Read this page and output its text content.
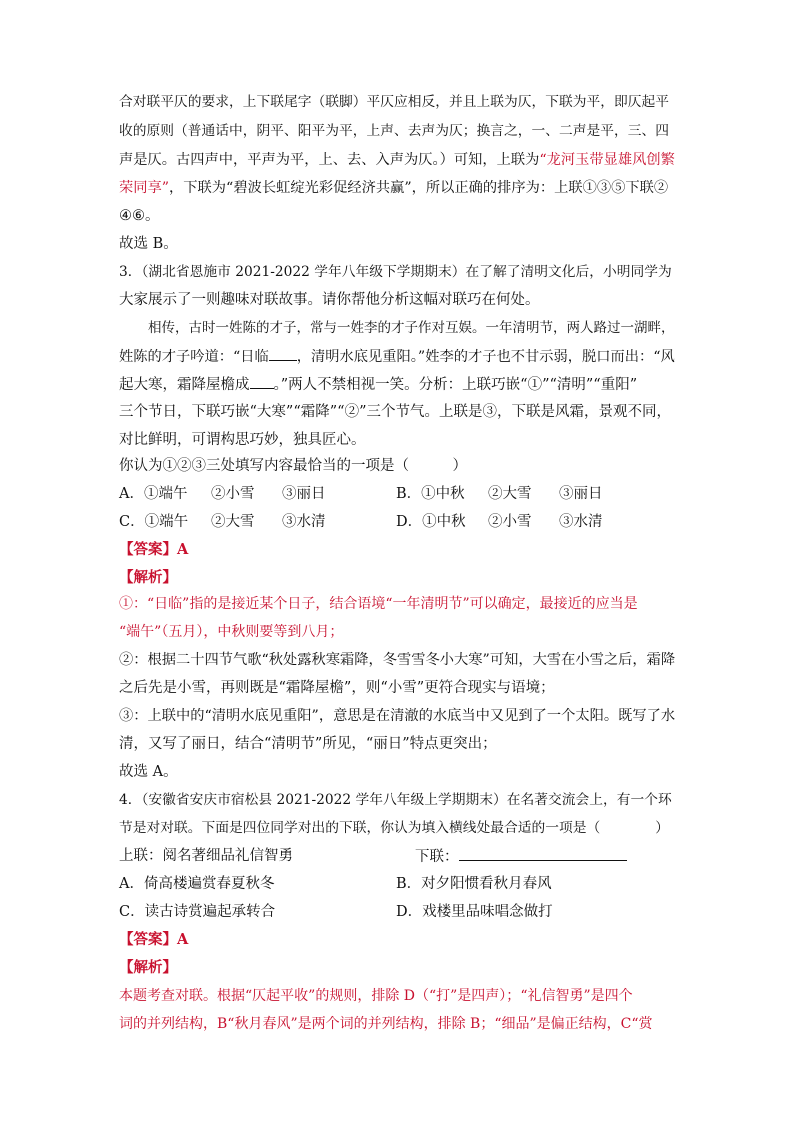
合对联平仄的要求，上下联尾字（联脚）平仄应相反，并且上联为仄，下联为平，即仄起平
收的原则（普通话中，阴平、阳平为平，上声、去声为仄；换言之，一、二声是平，三、四
声是仄。古四声中，平声为平，上、去、入声为仄。）可知，上联为“龙河玉带显雄风创繁
荣同享”，下联为“碧波长虹绽光彩促经济共赢”，所以正确的排序为：上联①③⑤下联②
④⑥。
故选 B。
3．（湖北省恩施市 2021-2022 学年八年级下学期期末）在了解了清明文化后，小明同学为
大家展示了一则趣味对联故事。请你帮他分析这幅对联巧在何处。
相传，古时一姓陈的才子，常与一姓李的才子作对互娱。一年清明节，两人路过一湖畔，
姓陈的才子吟道：“日临 ，清明水底见重阳。”姓李的才子也不甘示弱，脱口而出：“风
起大寒，霜降屋檐成 。”两人不禁相视一笑。分析：上联巧嵌“①”“清明”“重阳”
三个节日，下联巧嵌“大寒”“霜降”“②”三个节气。上联是③，下联是风霜，景观不同，
对比鲜明，可谓构思巧妙，独具匠心。
你认为①②③三处填写内容最恰当的一项是（　　　）
A．①端午 ②小雪 ③丽日	B．①中秋 ②大雪 ③丽日
C．①端午 ②大雪 ③水清	D．①中秋 ②小雪 ③水清
【答案】A
【解析】
①：“日临”指的是接近某个日子，结合语境“一年清明节”可以确定，最接近的应当是
“端午”（五月），中秋则要等到八月；
②：根据二十四节气歌“秋处露秋寒霜降，冬雪雪冬小大寒”可知，大雪在小雪之后，霜降
之后先是小雪，再则既是“霜降屋檐”，则“小雪”更符合现实与语境；
③：上联中的“清明水底见重阳”，意思是在清澈的水底当中又见到了一个太阳。既写了水
清，又写了丽日，结合“清明节”所见，“丽日”特点更突出；
故选 A。
4．（安徽省安庆市宿松县 2021-2022 学年八年级上学期期末）在名著交流会上，有一个环
节是对对联。下面是四位同学对出的下联，你认为填入横线处最合适的一项是（　　　　）
上联：阅名著细品礼信智勇	下联：
A．倚高楼遍赏春夏秋冬	B．对夕阳惯看秋月春风
C．读古诗赏遍起承转合	D．戏楼里品味唱念做打
【答案】A
【解析】
本题考查对联。根据“仄起平收”的规则，排除 D（“打”是四声）；“礼信智勇”是四个
词的并列结构，B“秋月春风”是两个词的并列结构，排除 B；“细品”是偏正结构，C“赏
